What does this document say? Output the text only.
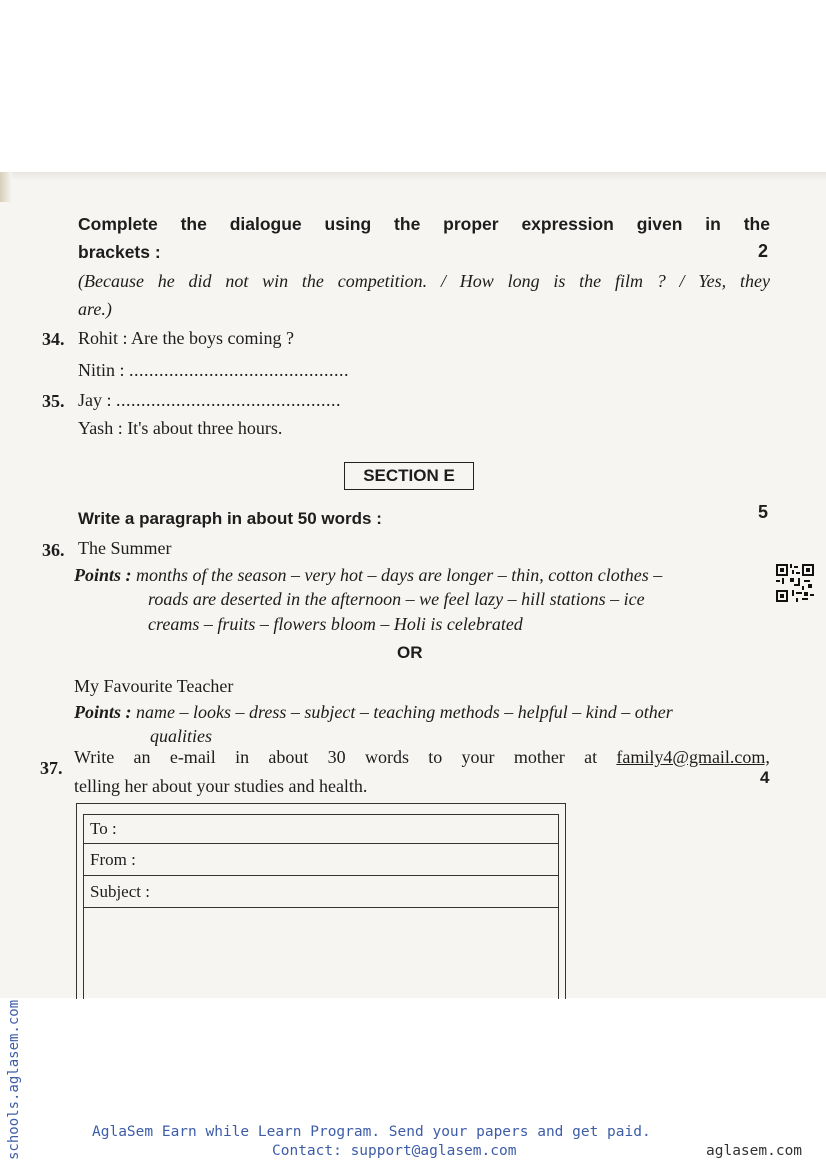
Complete the dialogue using the proper expression given in the
brackets :	2
(Because he did not win the competition. / How long is the film ? / Yes, they
are.)
34. Rohit : Are the boys coming ?
Nitin : ............................................
35. Jay : .............................................
Yash : It's about three hours.
SECTION E
Write a paragraph in about 50 words :	5
36. The Summer
Points : months of the season – very hot – days are longer – thin, cotton clothes –
roads are deserted in the afternoon – we feel lazy – hill stations – ice
creams – fruits – flowers bloom – Holi is celebrated
OR
My Favourite Teacher
Points : name – looks – dress – subject – teaching methods – helpful – kind – other
qualities
37.
Write an e-mail in about 30 words to your mother at family4@gmail.com,
telling her about your studies and health.	4
To :
From :
Subject :
schools.aglasem.com	AglaSem Earn while Learn Program. Send your papers and get paid.
Contact: support@aglasem.com	aglasem.com
